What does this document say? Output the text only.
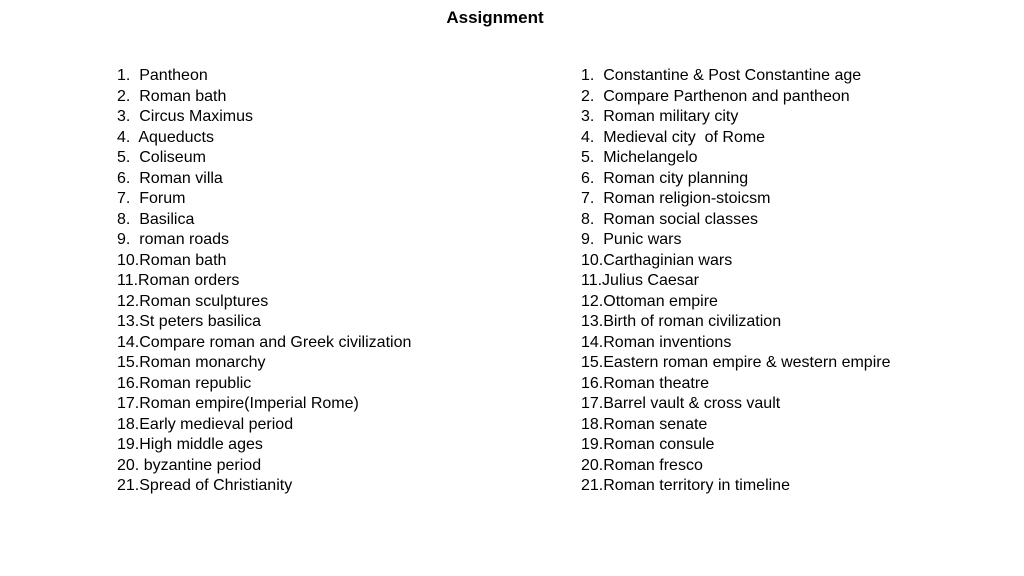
Assignment
1.  Pantheon
2.  Roman bath
3.  Circus Maximus
4.  Aqueducts
5.  Coliseum
6.  Roman villa
7.  Forum
8.  Basilica
9.  roman roads
10.Roman bath
11.Roman orders
12.Roman sculptures
13.St peters basilica
14.Compare roman and Greek civilization
15.Roman monarchy
16.Roman republic
17.Roman empire(Imperial Rome)
18.Early medieval period
19.High middle ages
20. byzantine period
21.Spread of Christianity
1.  Constantine & Post Constantine age
2.  Compare Parthenon and pantheon
3.  Roman military city
4.  Medieval city  of Rome
5.  Michelangelo
6.  Roman city planning
7.  Roman religion-stoicsm
8.  Roman social classes
9.  Punic wars
10.Carthaginian wars
11.Julius Caesar
12.Ottoman empire
13.Birth of roman civilization
14.Roman inventions
15.Eastern roman empire & western empire
16.Roman theatre
17.Barrel vault & cross vault
18.Roman senate
19.Roman consule
20.Roman fresco
21.Roman territory in timeline
